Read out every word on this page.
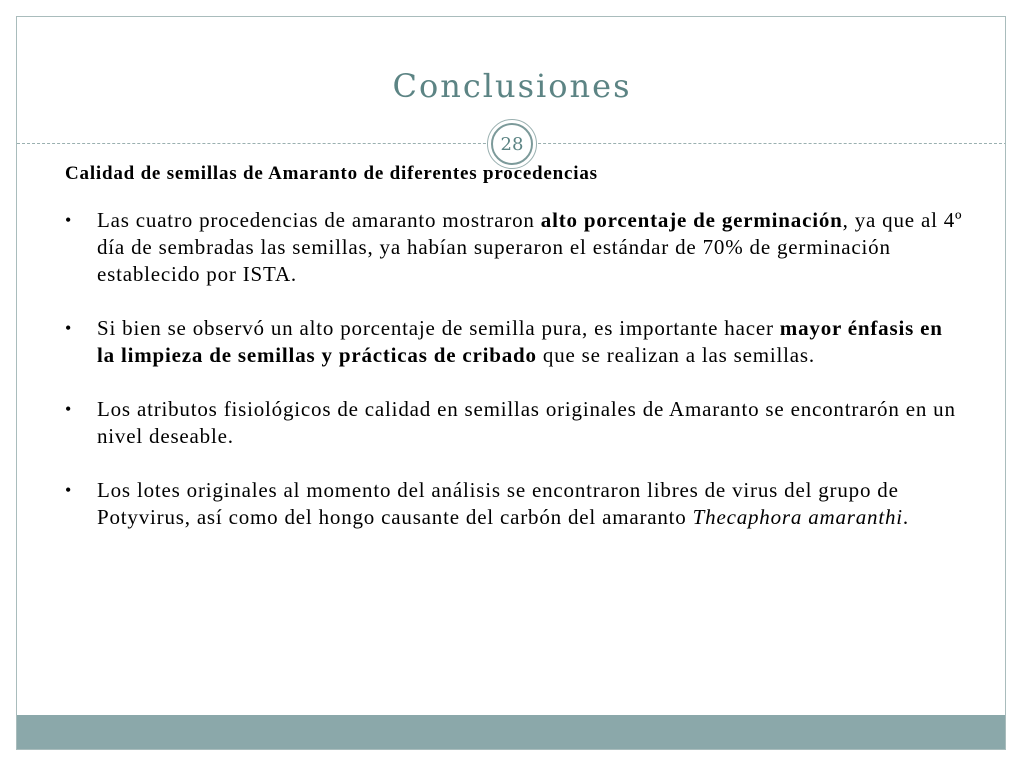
Conclusiones
28

Calidad de semillas de Amaranto de diferentes procedencias

• Las cuatro procedencias de amaranto mostraron alto porcentaje de germinación, ya que al 4º día de sembradas las semillas, ya habían superaron el estándar de 70% de germinación establecido por ISTA.
• Si bien se observó un alto porcentaje de semilla pura, es importante hacer mayor énfasis en la limpieza de semillas y prácticas de cribado que se realizan a las semillas.
• Los atributos fisiológicos de calidad en semillas originales de Amaranto se encontrarón en un nivel deseable.
• Los lotes originales al momento del análisis se encontraron libres de virus del grupo de Potyvirus, así como del hongo causante del carbón del amaranto Thecaphora amaranthi.
